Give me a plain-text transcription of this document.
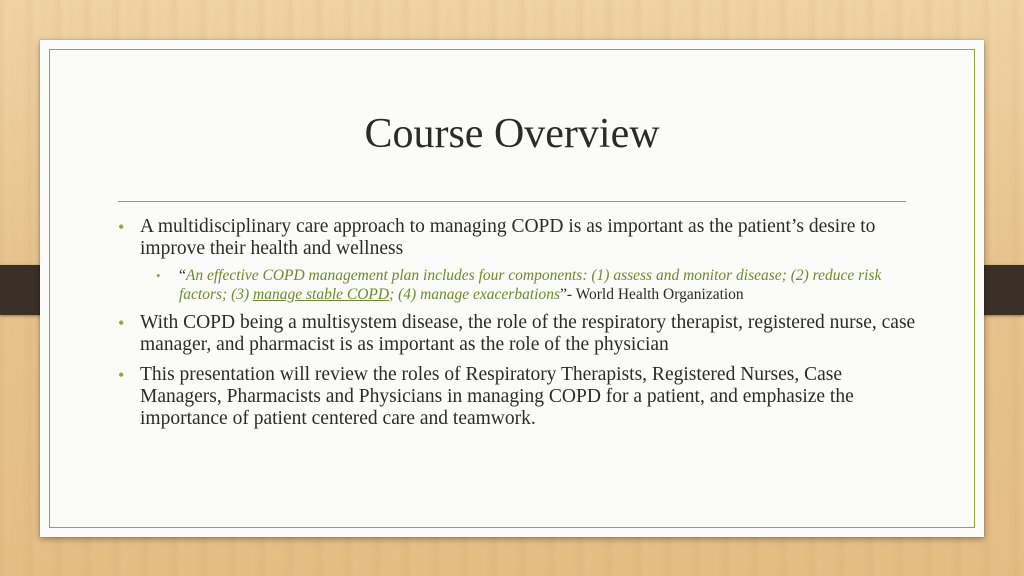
Course Overview
• A multidisciplinary care approach to managing COPD is as important as the patient’s desire to improve their health and wellness
• “An effective COPD management plan includes four components: (1) assess and monitor disease; (2) reduce risk factors; (3) manage stable COPD; (4) manage exacerbations”- World Health Organization
• With COPD being a multisystem disease, the role of the respiratory therapist, registered nurse, case manager, and pharmacist is as important as the role of the physician
• This presentation will review the roles of Respiratory Therapists, Registered Nurses, Case Managers, Pharmacists and Physicians in managing COPD for a patient, and emphasize the importance of patient centered care and teamwork.
